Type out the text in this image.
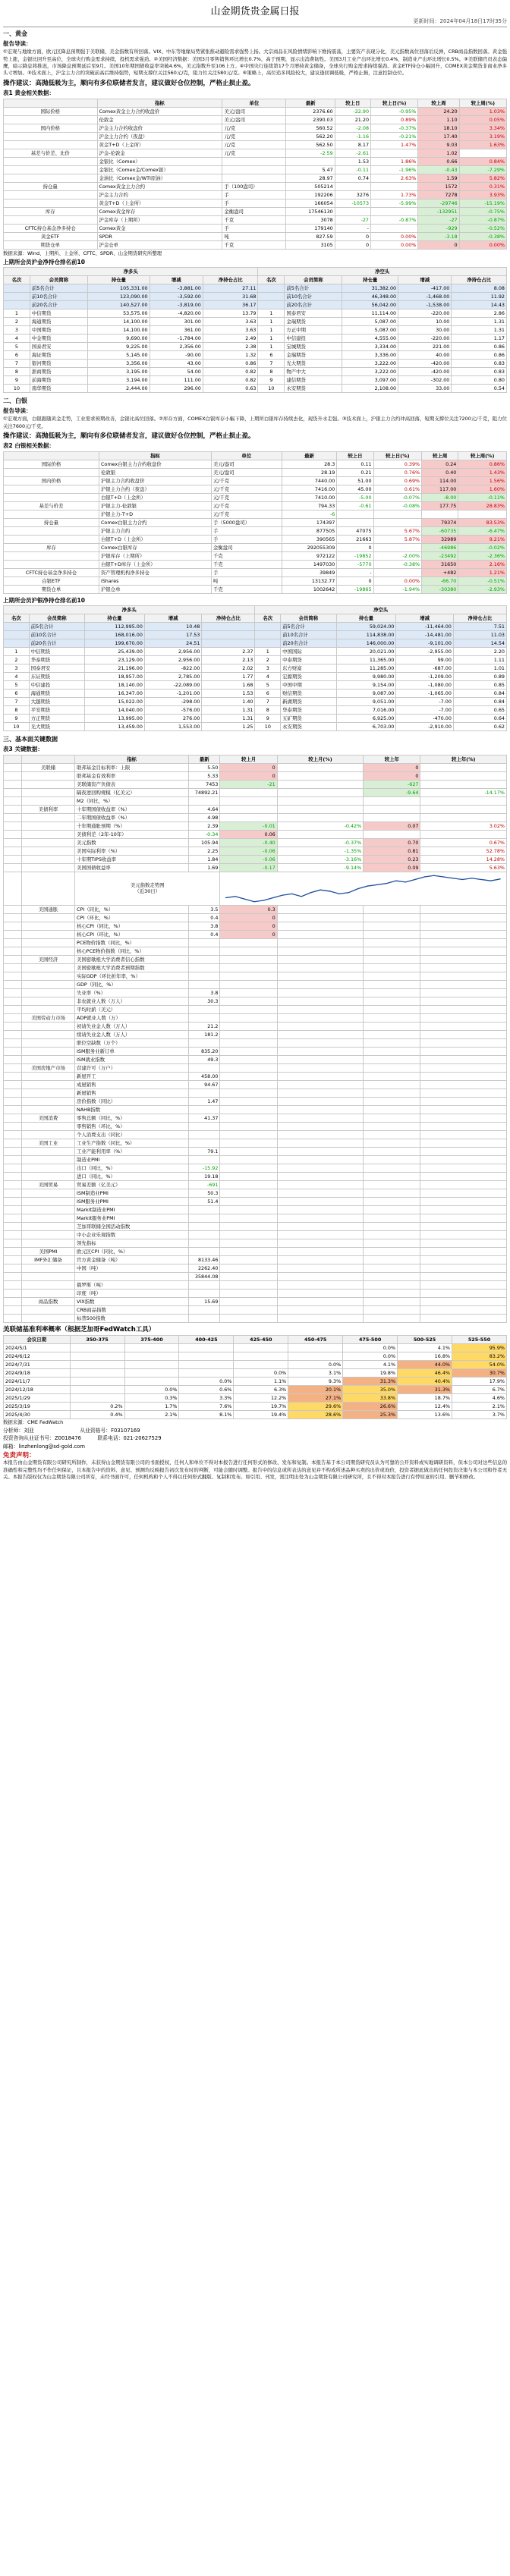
山金期货贵金属日报
更新时间：2024年04月18日17时35分
一、黄金
报告导读：
①宏观与地缘方面，欧元区降息预期强于美联储，美金指数有所回落。VIX、中东等地缘局势紧张推动避险需求强势上扬。大宗商品在风险情绪影响下维持震荡，主要资产表现分化，美元指数高位回落后反弹，CRB商品指数回落。黄金强势上涨，金银比回升至高位，全球央行购金需求持续，投机需求强劲。②美国经济数据：美国3月零售销售环比增长0.7%，高于预期，显示出消费韧性。美国3月工业产出环比增长0.4%，制造业产出环比增长0.5%。③美联储官员表态偏鹰，暗示降息将推迟，市场降息预期延后至9月。美国10年期国债收益率突破4.6%，美元指数升至106上方。④中国央行连续第17个月增持黄金储备，全球央行购金需求持续强劲。黄金ETF持仓小幅回升，COMEX黄金期货非商业净多头寸增加。⑤技术面上，沪金主力合约突破前高后维持强势，短期支撑位关注560元/克，阻力位关注580元/克。⑥策略上，高位追多风险较大，建议逢回调低吸，严格止损，注意控制仓位。
操作建议：高抛低吸为主，顺向有多位联储者发言，建议做好仓位控制，严格止损止盈。
表1 黄金相关数据：
	指标	单位	最新	较上日	较上日(%)	较上周	较上周(%)
国际价格	Comex黄金主力合约收盘价	美元/盎司	2376.60	-22.90	-0.95%	24.20	1.03%
	伦敦金	美元/盎司	2390.03	21.20	0.89%	1.10	0.05%
国内价格	沪金主力合约收盘价	元/克	560.52	-2.08	-0.37%	18.10	3.34%
	沪金主力合约（夜盘）	元/克	562.20	-1.16	-0.21%	17.40	3.19%
	黄金T+D（上金所）	元/克	562.50	8.17	1.47%	9.03	1.63%
基差与价差、比价	沪金-伦敦金	元/克	-2.59	-2.61		1.02	
	金银比（Comex）			1.53	1.86%	0.66	0.84%
	金银比（Comex金/Comex银）		5.47	-0.11	-1.96%	-0.43	-7.29%
	金油比（Comex金/WTI原油）		28.97	0.74	2.63%	1.59	5.82%
持仓量	Comex黄金主力合约	手（100盎司）	505214			1572	0.31%
	沪金主力合约	手	192206	3276	1.73%	7278	3.93%
	黄金T+D（上金所）	手	166054	-10573	-5.99%	-29746	-15.19%
库存	Comex黄金库存	金衡盎司	17546130			-132951	-0.75%
	沪金库存（上期所）	千克	3078	-27	-0.87%	-27	-0.87%
CFTC持仓基金净多持仓	Comex黄金	手	179140	-		-929	-0.52%
黄金ETF	SPDR	吨	827.59	0	0.00%	-3.18	-0.38%
期货仓单	沪金仓单	千克	3105	0	0.00%	0	0.00%
数据来源：Wind、上期所、上金所、CFTC、SPDR、山金期货研究所整理
上期所会员沪金净持仓排名前10
净多头					净空头				
名次	会员简称	持仓量	增减	净持仓占比	名次	会员简称	持仓量	增减	净持仓占比
	前5名合计	105,331.00	-3,881.00	27.11		前5名合计	31,382.00	-417.00	8.08
	前10名合计	123,090.00	-3,592.00	31.68		前10名合计	46,348.00	-1,468.00	11.92
	前20名合计	140,527.00	-3,819.00	36.17		前20名合计	56,042.00	-1,538.00	14.43
1	中信期货	53,575.00	-4,820.00	13.79	1	国泰君安	11,114.00	-220.00	2.86
2	海通期货	14,100.00	301.00	3.63	1	金瑞期货	5,087.00	10.00	1.31
3	中国期货	14,100.00	361.00	3.63	1	方正中期	5,087.00	30.00	1.31
4	中金期货	9,690.00	-1,784.00	2.49	1	中信建投	4,555.00	-220.00	1.17
5	国泰君安	9,225.00	2,356.00	2.38	1	宝城期货	3,334.00	221.00	0.86
6	海证期货	5,145.00	-90.00	1.32	6	金瑞期货	3,336.00	40.00	0.86
7	银河期货	3,356.00	43.00	0.86	7	光大期货	3,222.00	-420.00	0.83
8	浙商期货	3,195.00	54.00	0.82	8	物产中大	3,222.00	-420.00	0.83
9	前海期货	3,194.00	111.00	0.82	9	建信期货	3,097.00	-302.00	0.80
10	南华期货	2,444.00	296.00	0.63	10	永安期货	2,108.00	33.00	0.54
二、白银
报告导读：
①宏观方面，白银跟随黄金走势，工业需求预期改善，金银比高位回落。②库存方面，COMEX白银库存小幅下降，上期所白银库存持续去化，现货升水走强。③技术面上，沪银主力合约冲高回落，短期支撑位关注7200元/千克，阻力位关注7600元/千克。
操作建议：高抛低吸为主，顺向有多位联储者发言，建议做好仓位控制，严格止损止盈。
表2 白银相关数据：
	指标	单位	最新	较上日	较上日(%)	较上周	较上周(%)
国际价格	Comex白银主力合约收盘价	美元/盎司	28.3	0.11	0.39%	0.24	0.86%
	伦敦银	美元/盎司	28.19	0.21	0.76%	0.40	1.43%
国内价格	沪银主力合约收盘价	元/千克	7440.00	51.00	0.69%	114.00	1.56%
	沪银主力合约（夜盘）	元/千克	7416.00	45.00	0.61%	117.00	1.60%
	白银T+D（上金所）	元/千克	7410.00	-5.00	-0.07%	-8.00	-0.11%
基差与价差	沪银主力-伦敦银	元/千克	794.33	-0.61	-0.08%	177.75	28.83%
	沪银主力-T+D	元/千克	-6				
持仓量	Comex白银主力合约	手（5000盎司）	174397			79374	83.53%
	沪银主力合约	手	877505	47075	5.67%	-60735	-6.47%
	白银T+D（上金所）	手	390565	21663	5.87%	32989	9.21%
库存	Comex白银库存	金衡盎司	292055309	0		-46986	-0.02%
	沪银库存（上期所）	千克	972122	-19852	-2.00%	-23492	-2.36%
	白银T+D库存（上金所）	千克	1497030	-5770	-0.38%	31650	2.16%
CFTC持仓基金净多持仓	资产管理机构净多持仓	手	39849	-		+482	1.21%
白银ETF	iShares	吨	13132.77	0	0.00%	-66.70	-0.51%
期货仓单	沪银仓单	千克	1002642	-19865	-1.94%	-30380	-2.93%
上期所会员沪银净持仓排名前10
净多头					净空头				
名次	会员简称	持仓量	增减	净持仓占比	名次	会员简称	持仓量	增减	净持仓占比
	前5名合计	112,995.00	10.48			前5名合计	59,024.00	-11,464.00	7.51
	前10名合计	168,016.00	17.53			前10名合计	114,838.00	-14,481.00	11.03
	前20名合计	199,670.00	24.51			前20名合计	146,000.00	-9,101.00	14.54
1	中信期货	25,439.00	2,956.00	2.37	1	中国国际	20,021.00	-2,955.00	2.20
2	华泰期货	23,129.00	2,956.00	2.13	2	中泰期货	11,365.00	99.00	1.11
3	国泰君安	21,196.00	-822.00	2.02	3	东方财富	11,285.00	-687.00	1.01
4	东证期货	18,957.00	2,785.00	1.77	4	宏源期货	9,980.00	-1,209.00	0.89
5	中信建投	18,140.00	-22,089.00	1.68	5	中国中期	9,154.00	-1,080.00	0.85
6	海通期货	16,347.00	-1,201.00	1.53	6	财信期货	9,087.00	-1,065.00	0.84
7	大越期货	15,022.00	-298.00	1.40	7	新湖期货	9,051.00	-7.00	0.84
8	平安期货	14,040.00	-576.00	1.31	8	华泰期货	7,016.00	-7.00	0.65
9	方正期货	13,995.00	276.00	1.31	9	五矿期货	6,925.00	-470.00	0.64
10	光大期货	13,459.00	1,553.00	1.25	10	永安期货	6,703.00	-2,910.00	0.62
三、基本面关键数据
表3 关键数据：
		指标	最新	较上月	较上月(%)	较上年	较上年(%)
	美联储	联邦基金目标利率：上限	5.50	0		0	
		联邦基金有效利率	5.33	0		0	
		美联储资产负债表	7453	-21		-627	
		隔夜逆回购规模（亿美元）	74892.21			-9.64	-14.17%
		M2（同比，%）					
	美债利率	十年期国债收益率（%）	4.64				
		二年期国债收益率（%）	4.98				
		十年期通胀预期（%）	2.39	-0.01	-0.42%	0.07	3.02%
		美债利差（2年-10年）	-0.34	0.06			
		美元指数	105.94	-0.40	-0.37%	0.70	0.67%
		美国实际利率（%）	2.25	-0.06	-1.35%	0.81	52.78%
		十年期TIPS收益率	1.84	-0.06	-3.16%	0.23	14.28%
		美国国债收益率	1.69	-0.17	-9.14%	0.09	5.63%

		美元指数走势图
（近30日）

	美国通胀	CPI（同比，%）	3.5	0.3			
		CPI（环比，%）	0.4	0			
		核心CPI（同比，%）	3.8	0			
		核心CPI（环比，%）	0.4	0			
		PCE物价指数（同比，%）					
		核心PCE物价指数（同比，%）					
	美国经济	美国密歇根大学消费者信心指数					
		美国密歇根大学消费者预期指数					
		实际GDP（环比折年率，%）					
		GDP（同比，%）					
		失业率（%）	3.8				
		非农就业人数（万人）	30.3				
		平均时薪（美元）					
	美国劳动力市场	ADP就业人数（万）					
		初请失业金人数（万人）	21.2				
		续请失业金人数（万人）	181.2				
		职位空缺数（万个）					
		ISM服务业新订单	835.20				
		ISM就业指数	49.3				
	美国房地产市场	营建许可（万户）					
		新屋开工	458.00				
		成屋销售	94.67				
		新屋销售					
		房价指数（同比）	1.47				
		NAHB指数					
	美国消费	零售总额（同比，%）	41.37				
		零售销售（环比，%）					
		个人消费支出（同比）					
	美国工业	工业生产指数（同比，%）					
		工业产能利用率（%）	79.1				
		制造业PMI					
		出口（同比，%）	-15.92				
		进口（同比，%）	19.18				
	美国贸易	贸易差额（亿美元）	-691				
		ISM制造业PMI	50.3				
		ISM服务业PMI	51.4				
		Markit制造业PMI					
		Markit服务业PMI					
		芝加哥联储全国活动指数					
		中小企业乐观指数					
		领先指标					
	美国PMI	欧元区CPI（同比，%）					
	IMF外汇储备	官方黄金储备（吨）	8133.46				
		中国（吨）	2262.40				
			35844.08				
		俄罗斯（吨）					
		印度（吨）					
	商品指数	VIX指数	15.69				
		CRB商品指数					
		标普500指数					
美联储基准利率概率（根据芝加哥FedWatch工具）
会议日期	350-375	375-400	400-425	425-450	450-475	475-500	500-525	525-550
2024/5/1						0.0%	4.1%	95.9%
2024/6/12						0.0%	16.8%	83.2%
2024/7/31					0.0%	4.1%	44.0%	54.0%
2024/9/18				0.0%	3.1%	19.8%	46.4%	30.7%
2024/11/7			0.0%	1.1%	9.3%	31.3%	40.4%	17.9%
2024/12/18		0.0%	0.6%	6.3%	20.1%	35.0%	31.3%	6.7%
2025/1/29		0.3%	3.3%	12.2%	27.1%	33.8%	18.7%	4.6%
2025/3/19	0.2%	1.7%	7.6%	19.7%	29.6%	26.6%	12.4%	2.1%
2025/4/30	0.4%	2.1%	8.1%	19.4%	28.6%	25.3%	13.6%	3.7%
数据来源：CME FedWatch
分析师：刘亚	从业资格号：F03107169
投资咨询从业证书号：Z0018476	联系电话：021-20627529
邮箱：linzhenlong@sd-gold.com
免责声明：
本报告由山金期货有限公司研究所制作，未获得山金期货有限公司的书面授权，任何人和单位不得对本报告进行任何形式的修改、发布和复制。本报告基于本公司期货研究员认为可靠的公开资料或实地调研资料，但本公司对这些信息的准确性和完整性均不作任何保证，且本报告中的资料、意见、预测均反映报告初次发布时的判断，可能会随时调整。报告中的信息或所表达的意见并不构成所述品种买卖的出价或询价，投资者据此做出的任何投资决策与本公司和作者无关。本报告版权仅为山金期货有限公司所有，未经书面许可，任何机构和个人不得以任何形式翻版、复制和发布。如引用、刊发，需注明出处为山金期货有限公司研究所，且不得对本报告进行有悖原意的引用、删节和修改。
